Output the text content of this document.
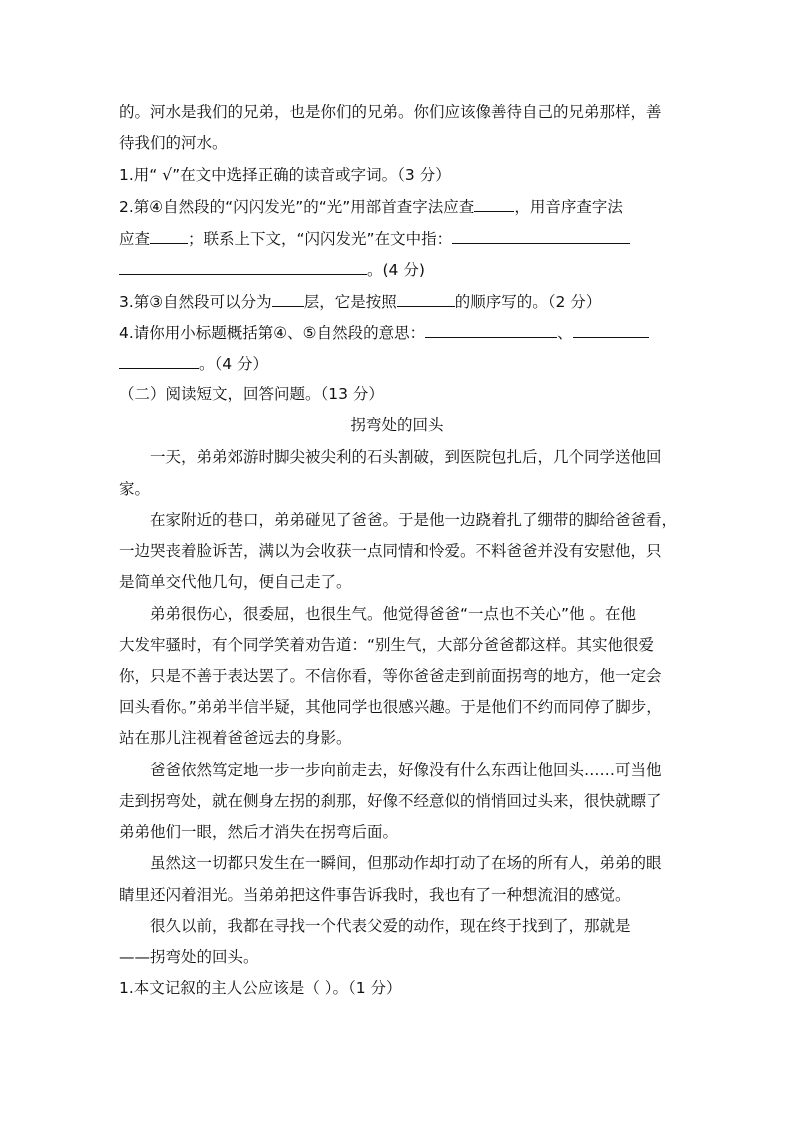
的。河水是我们的兄弟，也是你们的兄弟。你们应该像善待自己的兄弟那样，善
待我们的河水。
1.用“ √”在文中选择正确的读音或字词。（3 分）
2.第④自然段的“闪闪发光”的“光”用部首查字法应查	，用音序查字法
应查 ；联系上下文，“闪闪发光”在文中指：
。(4 分)
3.第③自然段可以分为 层，它是按照	的顺序写的。（2 分）
4.请你用小标题概括第④、⑤自然段的意思：	、
。（4 分）
（二）阅读短文，回答问题。（13 分）
拐弯处的回头
一天，弟弟郊游时脚尖被尖利的石头割破，到医院包扎后，几个同学送他回
家。
在家附近的巷口，弟弟碰见了爸爸。于是他一边跷着扎了绷带的脚给爸爸看，
一边哭丧着脸诉苦，满以为会收获一点同情和怜爱。不料爸爸并没有安慰他，只
是简单交代他几句，便自己走了。
弟弟很伤心，很委屈，也很生气。他觉得爸爸“一点也不关心”他 。在他
大发牢骚时，有个同学笑着劝告道：“别生气，大部分爸爸都这样。其实他很爱
你，只是不善于表达罢了。不信你看，等你爸爸走到前面拐弯的地方，他一定会
回头看你。”弟弟半信半疑，其他同学也很感兴趣。于是他们不约而同停了脚步，
站在那儿注视着爸爸远去的身影。
爸爸依然笃定地一步一步向前走去，好像没有什么东西让他回头……可当他
走到拐弯处，就在侧身左拐的刹那，好像不经意似的悄悄回过头来，很快就瞟了
弟弟他们一眼，然后才消失在拐弯后面。
虽然这一切都只发生在一瞬间，但那动作却打动了在场的所有人，弟弟的眼
睛里还闪着泪光。当弟弟把这件事告诉我时，我也有了一种想流泪的感觉。
很久以前，我都在寻找一个代表父爱的动作，现在终于找到了，那就是
——拐弯处的回头。
1.本文记叙的主人公应该是（ ）。（1 分）
